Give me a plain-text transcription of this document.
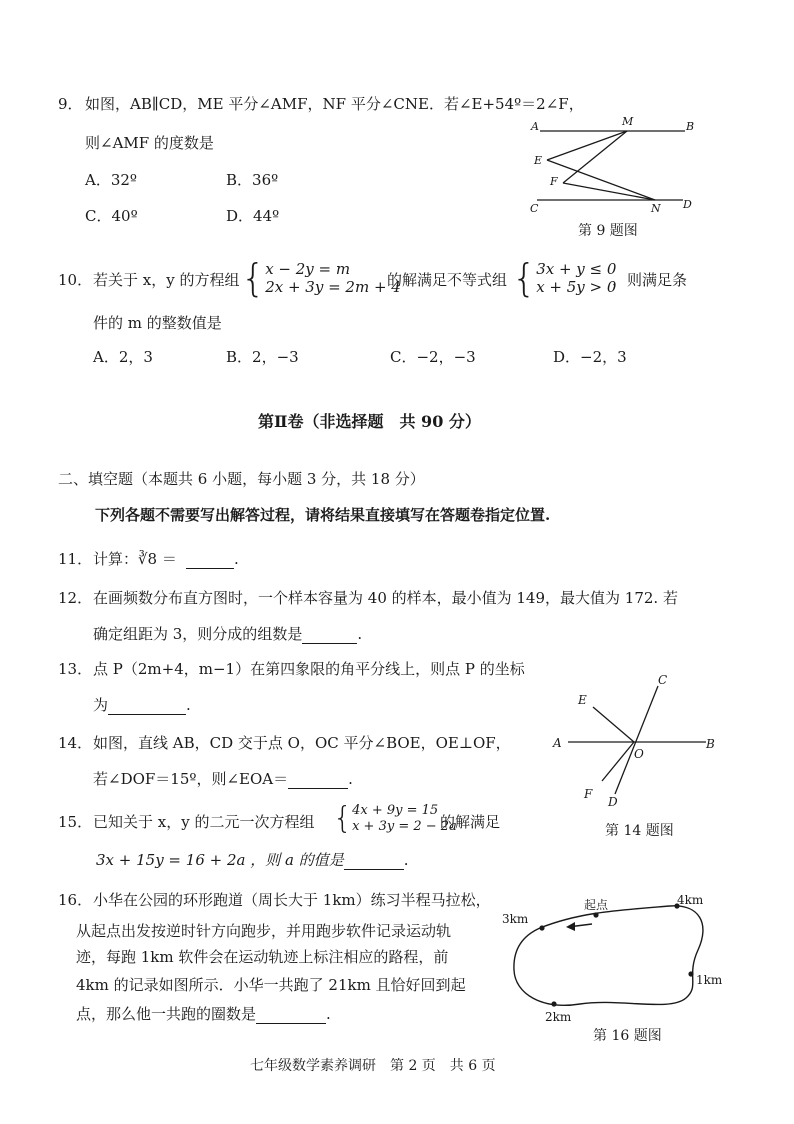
9． 如图，AB∥CD，ME 平分∠AMF，NF 平分∠CNE．若∠E+54º＝2∠F，
则∠AMF 的度数是
A．32º	B．36º
C．40º	D．44º
A	M	B
E
F
C	N D
第 9 题图
10． 若关于 x，y 的方程组 { x − 2y = m
2x + 3y = 2m + 4
的解满足不等式组 { 3x + y ≤ 0
x + 5y > 0
，则满足条
件的 m 的整数值是
A．2，3	B．2，−3	C．−2，−3	D．−2，3
第Ⅱ卷（非选择题　共 90 分）
二、填空题（本题共 6 小题，每小题 3 分，共 18 分）
下列各题不需要写出解答过程，请将结果直接填写在答题卷指定位置.
11． 计算：∛8 ＝	.
12． 在画频数分布直方图时，一个样本容量为 40 的样本，最小值为 149，最大值为 172. 若
确定组距为 3，则分成的组数是	.
13． 点 P（2m+4，m−1）在第四象限的角平分线上，则点 P 的坐标
为	.
14． 如图，直线 AB，CD 交于点 O，OC 平分∠BOE，OE⊥OF，
若∠DOF＝15º，则∠EOA＝	.
C
E
A
O
B
F
D
第 14 题图
15． 已知关于 x，y 的二元一次方程组 { 4x + 9y = 15
x + 3y = 2 − 2a
的解满足
3x + 15y = 16 + 2a ，则 a 的值是	.
16． 小华在公园的环形跑道（周长大于 1km）练习半程马拉松，
从起点出发按逆时针方向跑步，并用跑步软件记录运动轨
迹，每跑 1km 软件会在运动轨迹上标注相应的路程，前
4km 的记录如图所示．小华一共跑了 21km 且恰好回到起
点，那么他一共跑的圈数是	.
起点	4km
3km
1km
2km
第 16 题图
七年级数学素养调研　第 2 页　共 6 页
